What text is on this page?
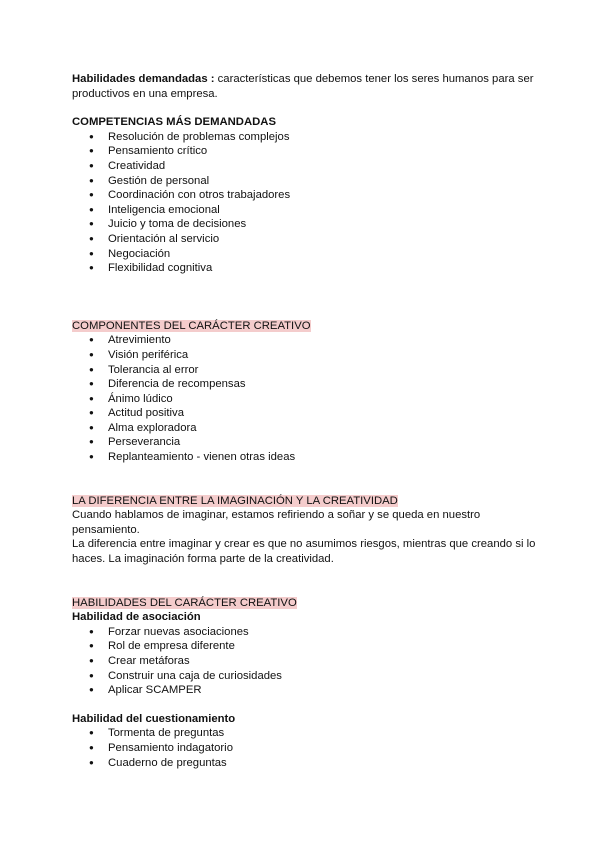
Habilidades demandadas : características que debemos tener los seres humanos para ser productivos en una empresa.

COMPETENCIAS MÁS DEMANDADAS

● Resolución de problemas complejos
● Pensamiento crítico
● Creatividad
● Gestión de personal
● Coordinación con otros trabajadores
● Inteligencia emocional
● Juicio y toma de decisiones
● Orientación al servicio
● Negociación
● Flexibilidad cognitiva

COMPONENTES DEL CARÁCTER CREATIVO

● Atrevimiento
● Visión periférica
● Tolerancia al error
● Diferencia de recompensas
● Ánimo lúdico
● Actitud positiva
● Alma exploradora
● Perseverancia
● Replanteamiento - vienen otras ideas

LA DIFERENCIA ENTRE LA IMAGINACIÓN Y LA CREATIVIDAD

Cuando hablamos de imaginar, estamos refiriendo a soñar y se queda en nuestro pensamiento.

La diferencia entre imaginar y crear es que no asumimos riesgos, mientras que creando si lo haces. La imaginación forma parte de la creatividad.

HABILIDADES DEL CARÁCTER CREATIVO

Habilidad de asociación

● Forzar nuevas asociaciones
● Rol de empresa diferente
● Crear metáforas
● Construir una caja de curiosidades
● Aplicar SCAMPER

Habilidad del cuestionamiento

● Tormenta de preguntas
● Pensamiento indagatorio
● Cuaderno de preguntas
